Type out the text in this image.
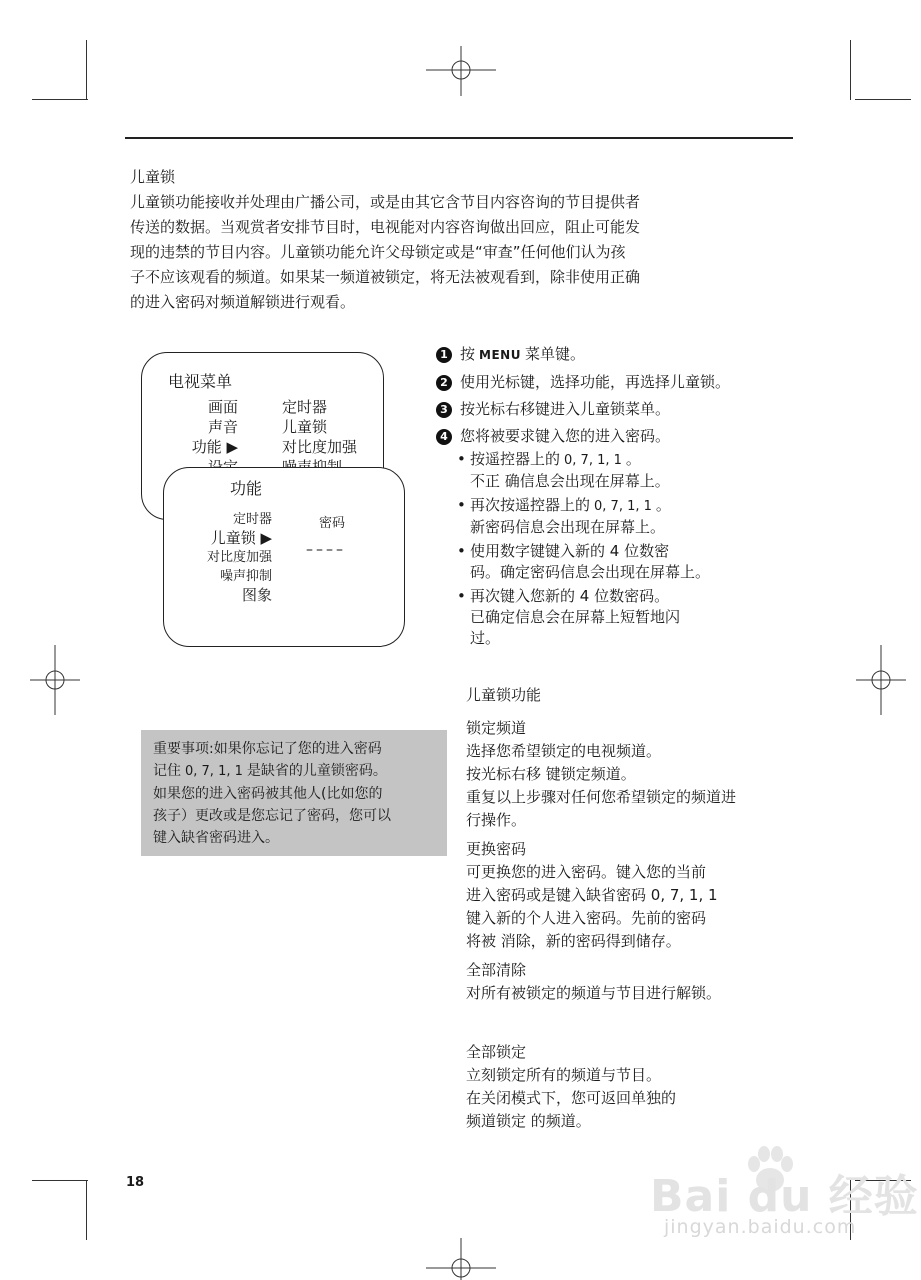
儿童锁

儿童锁功能接收并处理由广播公司，或是由其它含节目内容咨询的节目提供者

传送的数据。当观赏者安排节目时，电视能对内容咨询做出回应，阻止可能发

现的违禁的节目内容。儿童锁功能允许父母锁定或是“审查”任何他们认为孩

子不应该观看的频道。如果某一频道被锁定，将无法被观看到，除非使用正确

的进入密码对频道解锁进行观看。

电视菜单
画面
声音
功能 ▶
定时器
儿童锁
对比度加强
功能
定时器
儿童锁 ▶
对比度加强
噪声抑制
图象
密码
––––
1 按 MENU 菜单键。
2 使用光标键，选择功能，再选择儿童锁。
3 按光标右移键进入儿童锁菜单。
4 您将被要求键入您的进入密码。
• 按遥控器上的 0, 7, 1, 1 。
不正 确信息会出现在屏幕上。
• 再次按遥控器上的 0, 7, 1, 1 。
新密码信息会出现在屏幕上。
• 使用数字键键入新的 4 位数密
码。确定密码信息会出现在屏幕上。
• 再次键入您新的 4 位数密码。
已确定信息会在屏幕上短暂地闪
过。
重要事项:如果你忘记了您的进入密码
记住 0, 7, 1, 1 是缺省的儿童锁密码。
如果您的进入密码被其他人(比如您的
孩子）更改或是您忘记了密码，您可以
键入缺省密码进入。
儿童锁功能
锁定频道
选择您希望锁定的电视频道。
按光标右移 键锁定频道。
重复以上步骤对任何您希望锁定的频道进
行操作。
更换密码
可更换您的进入密码。键入您的当前
进入密码或是键入缺省密码 0, 7, 1, 1
键入新的个人进入密码。先前的密码
将被 消除，新的密码得到储存。
全部清除
对所有被锁定的频道与节目进行解锁。
全部锁定
立刻锁定所有的频道与节目。
在关闭模式下，您可返回单独的
频道锁定 的频道。
18	Bai du 经验
jingyan.baidu.com
